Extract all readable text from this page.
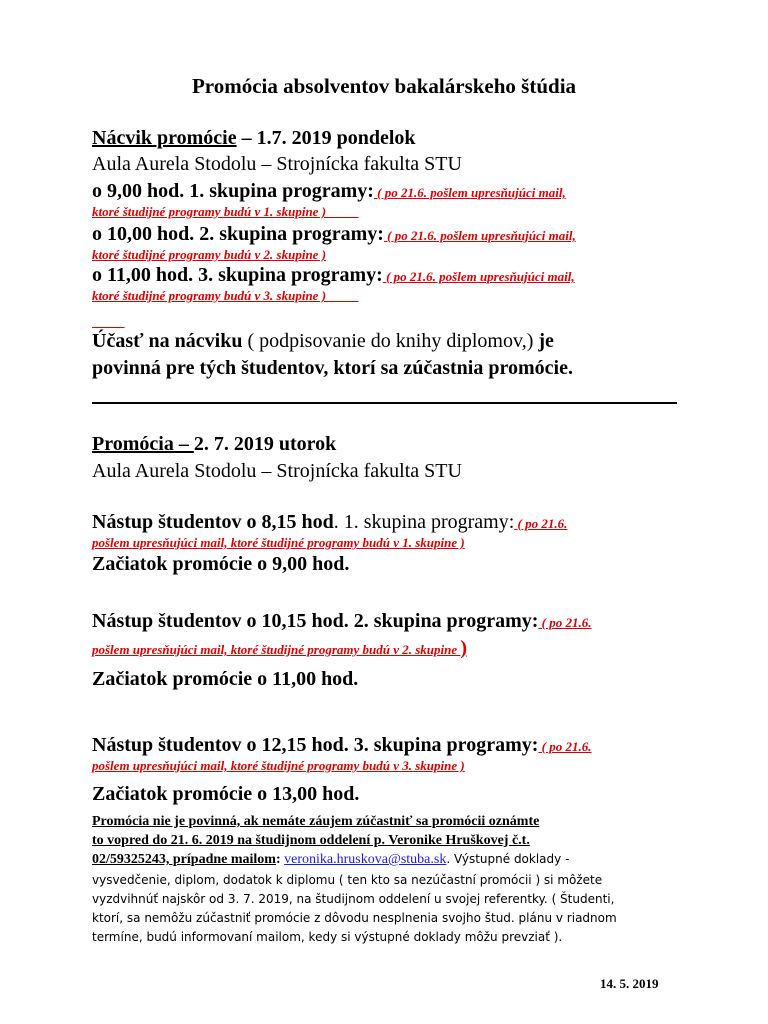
Promócia absolventov bakalárskeho štúdia
Nácvik promócie – 1.7. 2019 pondelok
Aula Aurela Stodolu – Strojnícka fakulta STU
o 9,00 hod. 1. skupina programy: ( po 21.6. pošlem upresňujúci mail,
ktoré študijné programy budú v 1. skupine )
o 10,00 hod. 2. skupina programy: ( po 21.6. pošlem upresňujúci mail,
ktoré študijné programy budú v 2. skupine )
o 11,00 hod. 3. skupina programy: ( po 21.6. pošlem upresňujúci mail,
ktoré študijné programy budú v 3. skupine )

Účasť na nácviku ( podpisovanie do knihy diplomov,) je
povinná pre tých študentov, ktorí sa zúčastnia promócie.
Promócia – 2. 7. 2019 utorok
Aula Aurela Stodolu – Strojnícka fakulta STU
Nástup študentov o 8,15 hod. 1. skupina programy: ( po 21.6.
pošlem upresňujúci mail, ktoré študijné programy budú v 1. skupine )
Začiatok promócie o 9,00 hod.
Nástup študentov o 10,15 hod. 2. skupina programy: ( po 21.6.
pošlem upresňujúci mail, ktoré študijné programy budú v 2. skupine )
Začiatok promócie o 11,00 hod.
Nástup študentov o 12,15 hod. 3. skupina programy: ( po 21.6.
pošlem upresňujúci mail, ktoré študijné programy budú v 3. skupine )
Začiatok promócie o 13,00 hod.
Promócia nie je povinná, ak nemáte záujem zúčastniť sa promócii oznámte
to vopred do 21. 6. 2019 na študijnom oddelení p. Veronike Hruškovej č.t.
02/59325243, prípadne mailom: veronika.hruskova@stuba.sk. Výstupné doklady -
vysvedčenie, diplom, dodatok k diplomu ( ten kto sa nezúčastní promócii ) si môžete
vyzdvihnúť najskôr od 3. 7. 2019, na študijnom oddelení u svojej referentky. ( Študenti,
ktorí, sa nemôžu zúčastniť promócie z dôvodu nesplnenia svojho štud. plánu v riadnom
termíne, budú informovaní mailom, kedy si výstupné doklady môžu prevziať ).
14. 5. 2019
